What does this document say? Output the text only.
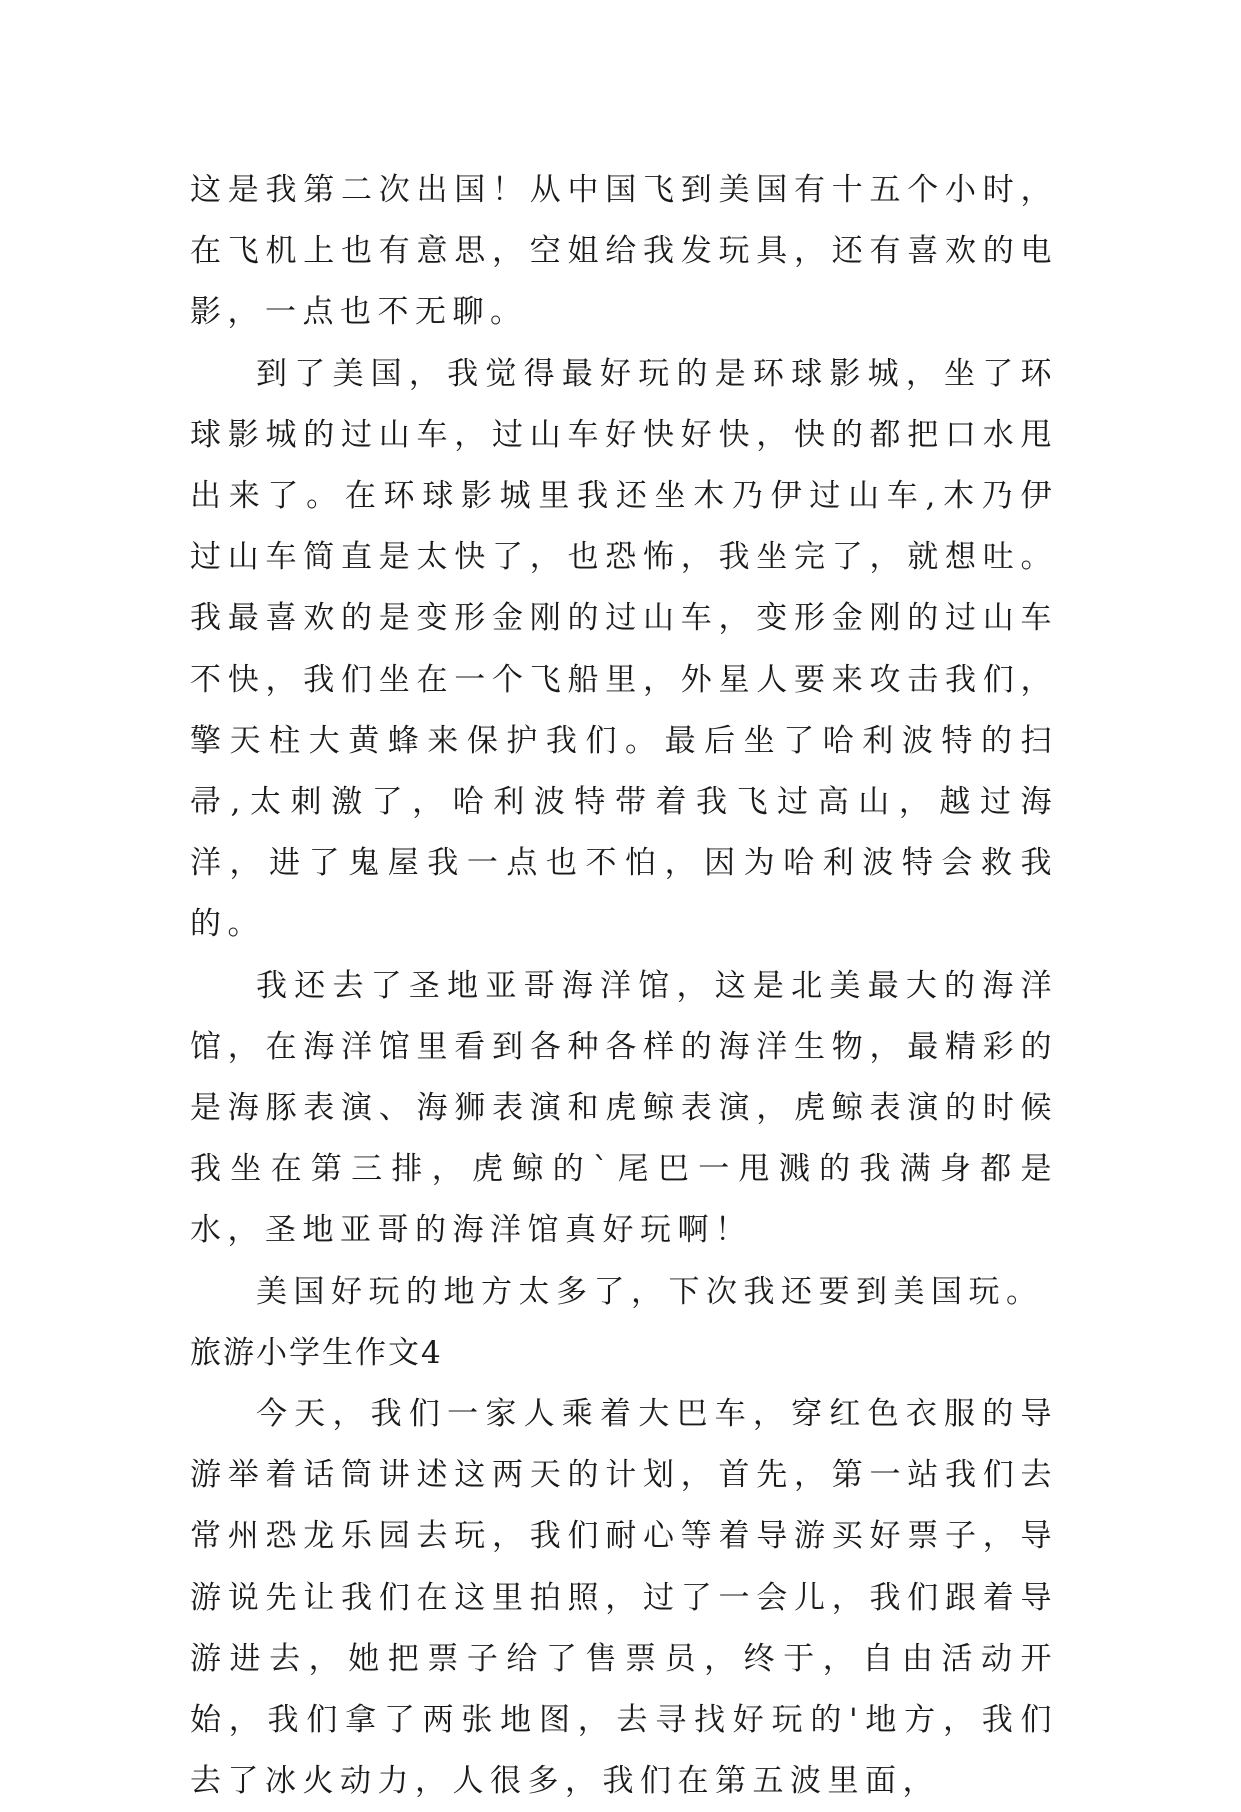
这是我第二次出国！从中国飞到美国有十五个小时，在飞机上也有意思，空姐给我发玩具，还有喜欢的电影，一点也不无聊。

到了美国，我觉得最好玩的是环球影城，坐了环球影城的过山车，过山车好快好快，快的都把口水甩出来了。在环球影城里我还坐木乃伊过山车,木乃伊过山车简直是太快了，也恐怖，我坐完了，就想吐。我最喜欢的是变形金刚的过山车，变形金刚的过山车不快，我们坐在一个飞船里，外星人要来攻击我们，擎天柱大黄蜂来保护我们。最后坐了哈利波特的扫帚,太刺激了，哈利波特带着我飞过高山，越过海洋，进了鬼屋我一点也不怕，因为哈利波特会救我的。

我还去了圣地亚哥海洋馆，这是北美最大的海洋馆，在海洋馆里看到各种各样的海洋生物，最精彩的是海豚表演、海狮表演和虎鲸表演，虎鲸表演的时候我坐在第三排，虎鲸的`尾巴一甩溅的我满身都是水，圣地亚哥的海洋馆真好玩啊！

美国好玩的地方太多了，下次我还要到美国玩。

旅游小学生作文4

今天，我们一家人乘着大巴车，穿红色衣服的导游举着话筒讲述这两天的计划，首先，第一站我们去常州恐龙乐园去玩，我们耐心等着导游买好票子，导游说先让我们在这里拍照，过了一会儿，我们跟着导游进去，她把票子给了售票员，终于，自由活动开始，我们拿了两张地图，去寻找好玩的'地方，我们去了冰火动力，人很多，我们在第五波里面，
